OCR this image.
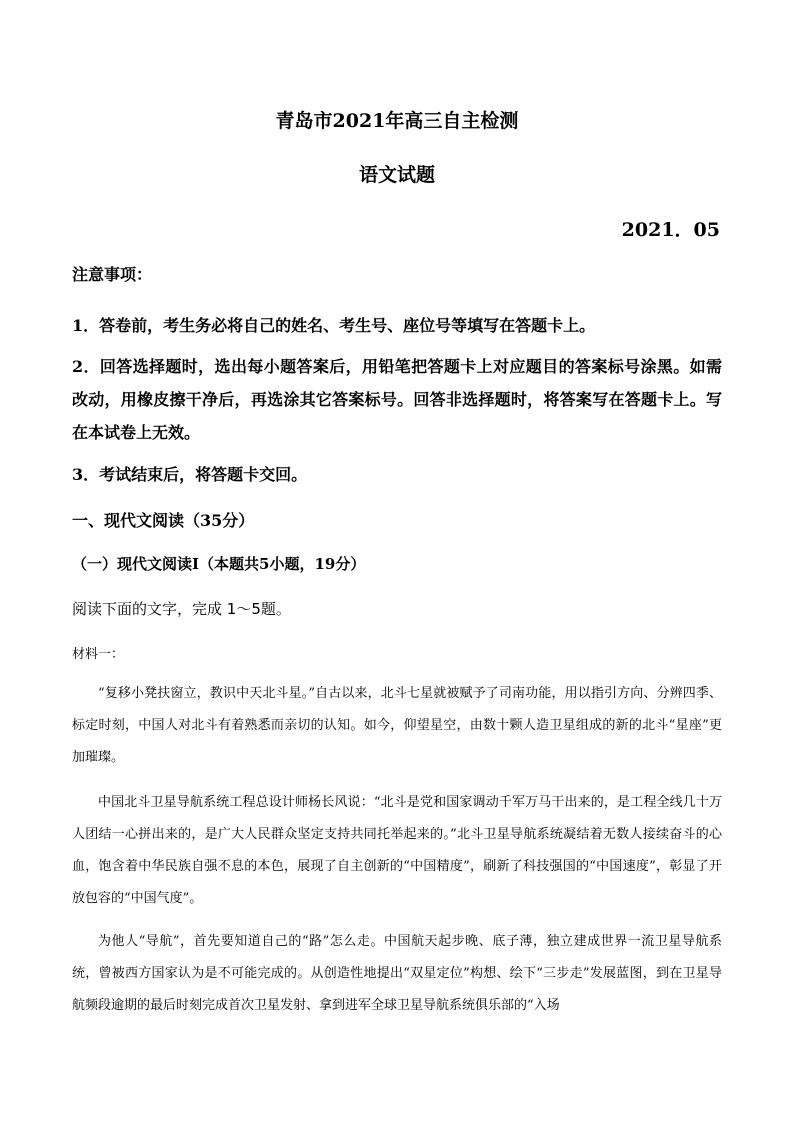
青岛市2021年高三自主检测
语文试题
2021．05
注意事项：
1．答卷前，考生务必将自己的姓名、考生号、座位号等填写在答题卡上。
2．回答选择题时，选出每小题答案后，用铅笔把答题卡上对应题目的答案标号涂黑。如需改动，用橡皮擦干净后，再选涂其它答案标号。回答非选择题时，将答案写在答题卡上。写在本试卷上无效。
3．考试结束后，将答题卡交回。
一、现代文阅读（35分）
（一）现代文阅读Ⅰ（本题共5小题，19分）
阅读下面的文字，完成 1～5题。
材料一：
“复移小凳扶窗立，教识中天北斗星。”自古以来，北斗七星就被赋予了司南功能，用以指引方向、分辨四季、标定时刻，中国人对北斗有着熟悉而亲切的认知。如今，仰望星空，由数十颗人造卫星组成的新的北斗“星座”更加璀璨。
中国北斗卫星导航系统工程总设计师杨长风说：“北斗是党和国家调动千军万马干出来的，是工程全线几十万人团结一心拼出来的，是广大人民群众坚定支持共同托举起来的。”北斗卫星导航系统凝结着无数人接续奋斗的心血，饱含着中华民族自强不息的本色，展现了自主创新的“中国精度”，刷新了科技强国的“中国速度”，彰显了开放包容的“中国气度”。
为他人“导航”，首先要知道自己的“路”怎么走。中国航天起步晚、底子薄，独立建成世界一流卫星导航系统，曾被西方国家认为是不可能完成的。从创造性地提出“双星定位”构想、绘下“三步走”发展蓝图，到在卫星导航频段逾期的最后时刻完成首次卫星发射、拿到进军全球卫星导航系统俱乐部的“入场
